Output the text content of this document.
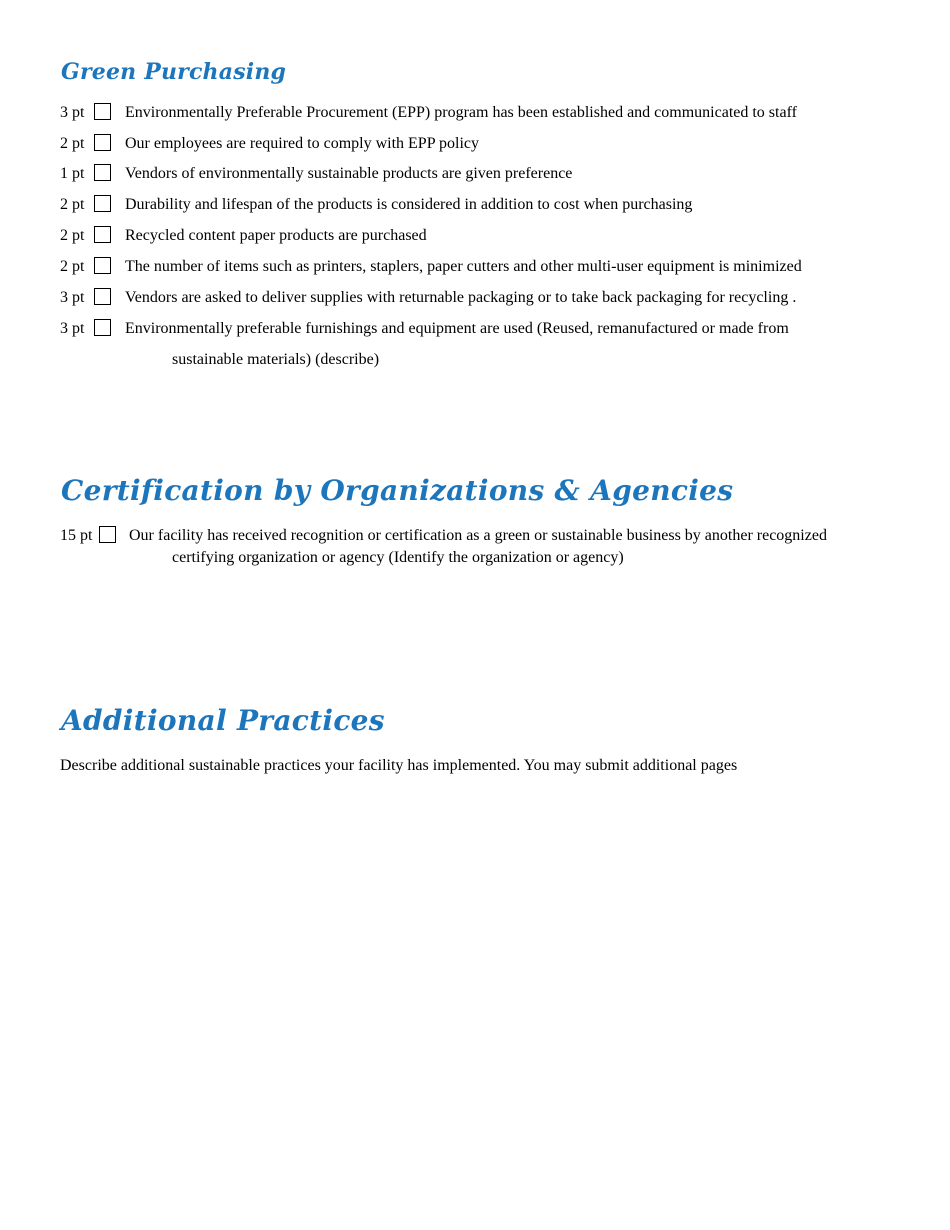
Green Purchasing
3 pt	Environmentally Preferable Procurement (EPP) program has been established and communicated to staff
2 pt	Our employees are required to comply with EPP policy
1 pt	Vendors of environmentally sustainable products are given preference
2 pt	Durability and lifespan of the products is considered in addition to cost when purchasing
2 pt	Recycled content paper products are purchased
2 pt	The number of items such as printers, staplers, paper cutters and other multi-user equipment is minimized
3 pt	Vendors are asked to deliver supplies with returnable packaging or to take back packaging for recycling .
3 pt	Environmentally preferable furnishings and equipment are used (Reused, remanufactured or made from
sustainable materials) (describe)
Certification by Organizations & Agencies
15 pt Our facility has received recognition or certification as a green or sustainable business by another recognized
certifying organization or agency (Identify the organization or agency)
Additional Practices

Describe additional sustainable practices your facility has implemented. You may submit additional pages
